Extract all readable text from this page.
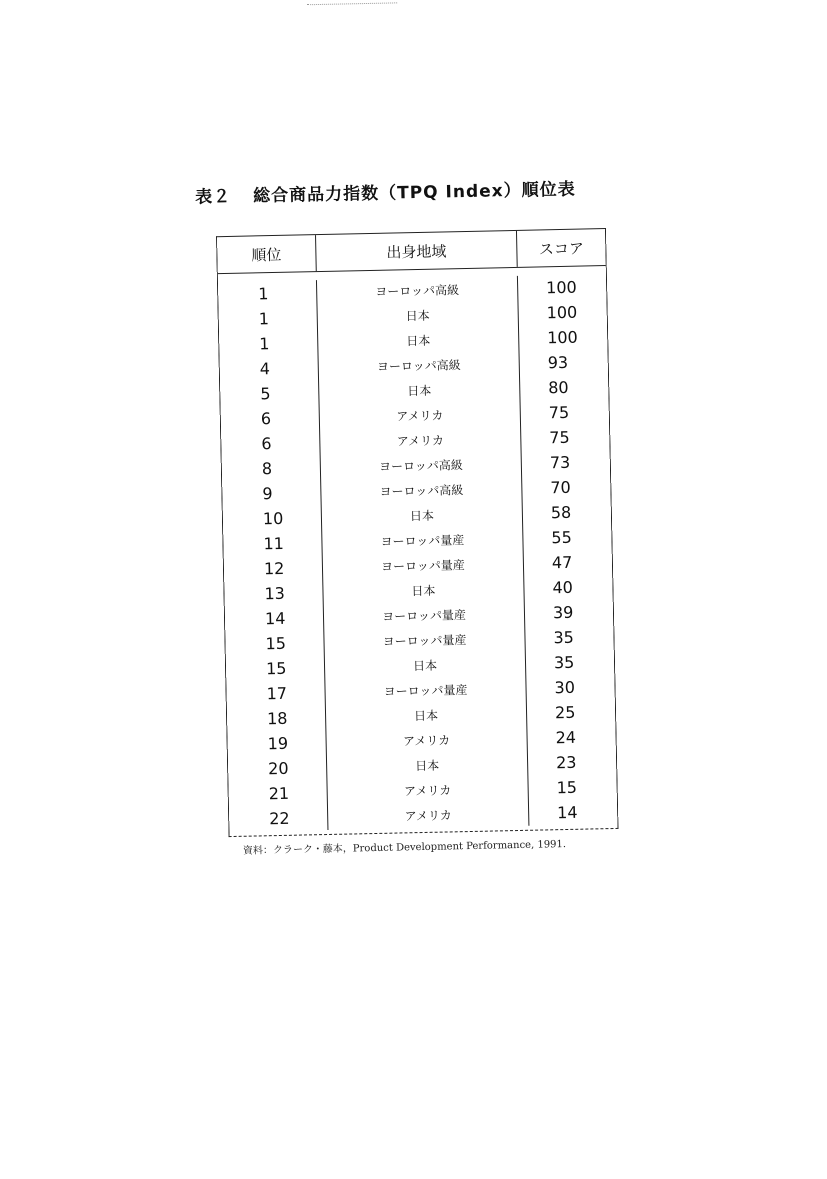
表２ 総合商品力指数（TPQ Index）順位表
順位	出身地域	スコア
1
1
1
4
5
6
6
8
9
10
11
12
13
14
15
15
17
18
19
20
21
22
ヨーロッパ高級
日本
日本
ヨーロッパ高級
日本
アメリカ
アメリカ
ヨーロッパ高級
ヨーロッパ高級
日本
ヨーロッパ量産
ヨーロッパ量産
日本
ヨーロッパ量産
ヨーロッパ量産
日本
ヨーロッパ量産
日本
アメリカ
日本
アメリカ
アメリカ
100
100
100
93
80
75
75
73
70
58
55
47
40
39
35
35
30
25
24
23
15
14
資料：クラーク・藤本，Product Development Performance, 1991.
